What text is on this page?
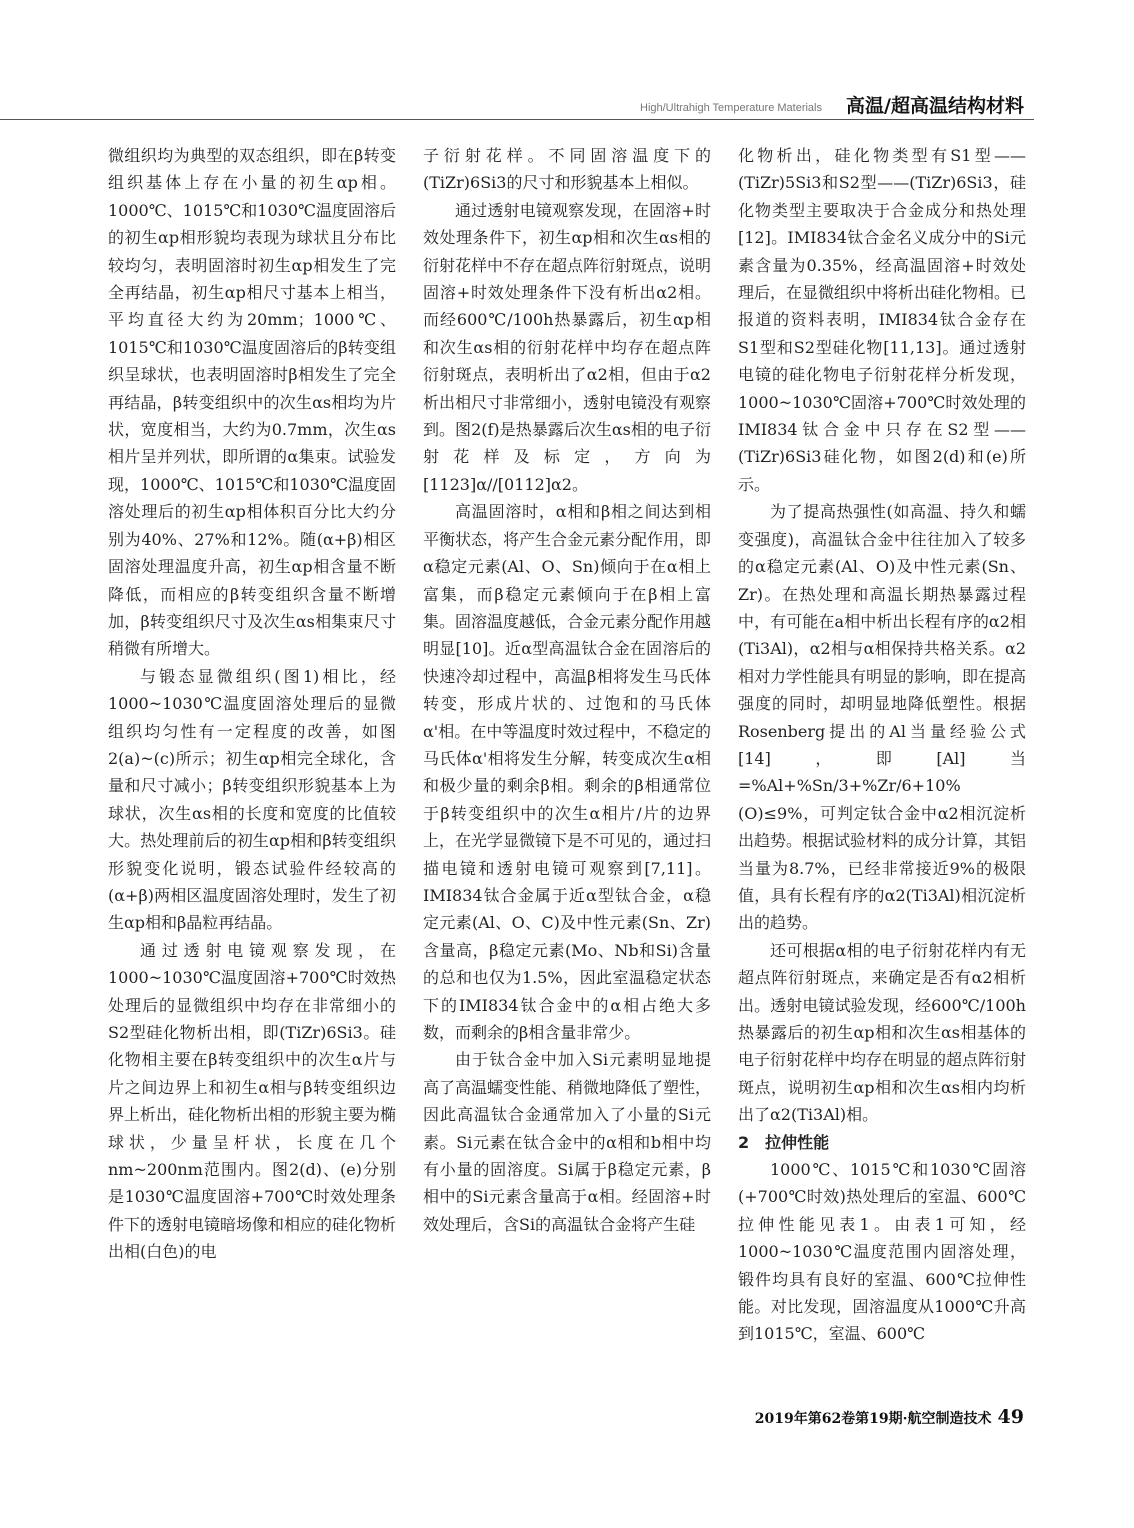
High/Ultrahigh Temperature Materials 高温/超高温结构材料

微组织均为典型的双态组织，即在β转变组织基体上存在小量的初生αp相。1000℃、1015℃和1030℃温度固溶后的初生αp相形貌均表现为球状且分布比较均匀，表明固溶时初生αp相发生了完全再结晶，初生αp相尺寸基本上相当，平均直径大约为20mm；1000℃、1015℃和1030℃温度固溶后的β转变组织呈球状，也表明固溶时β相发生了完全再结晶，β转变组织中的次生αs相均为片状，宽度相当，大约为0.7mm，次生αs相片呈并列状，即所谓的α集束。试验发现，1000℃、1015℃和1030℃温度固溶处理后的初生αp相体积百分比大约分别为40%、27%和12%。随(α+β)相区固溶处理温度升高，初生αp相含量不断降低，而相应的β转变组织含量不断增加，β转变组织尺寸及次生αs相集束尺寸稍微有所增大。

与锻态显微组织(图1)相比，经1000~1030℃温度固溶处理后的显微组织均匀性有一定程度的改善，如图2(a)~(c)所示；初生αp相完全球化，含量和尺寸减小；β转变组织形貌基本上为球状，次生αs相的长度和宽度的比值较大。热处理前后的初生αp相和β转变组织形貌变化说明，锻态试验件经较高的(α+β)两相区温度固溶处理时，发生了初生αp相和β晶粒再结晶。

通过透射电镜观察发现，在1000~1030℃温度固溶+700℃时效热处理后的显微组织中均存在非常细小的S2型硅化物析出相，即(TiZr)6Si3。硅化物相主要在β转变组织中的次生α片与片之间边界上和初生α相与β转变组织边界上析出，硅化物析出相的形貌主要为椭球状，少量呈杆状，长度在几个nm~200nm范围内。图2(d)、(e)分别是1030℃温度固溶+700℃时效处理条件下的透射电镜暗场像和相应的硅化物析出相(白色)的电

子衍射花样。不同固溶温度下的(TiZr)6Si3的尺寸和形貌基本上相似。

通过透射电镜观察发现，在固溶+时效处理条件下，初生αp相和次生αs相的衍射花样中不存在超点阵衍射斑点，说明固溶+时效处理条件下没有析出α2相。而经600℃/100h热暴露后，初生αp相和次生αs相的衍射花样中均存在超点阵衍射斑点，表明析出了α2相，但由于α2析出相尺寸非常细小，透射电镜没有观察到。图2(f)是热暴露后次生αs相的电子衍射花样及标定，方向为[1123]α//[0112]α2。

高温固溶时，α相和β相之间达到相平衡状态，将产生合金元素分配作用，即α稳定元素(Al、O、Sn)倾向于在α相上富集，而β稳定元素倾向于在β相上富集。固溶温度越低，合金元素分配作用越明显[10]。近α型高温钛合金在固溶后的快速冷却过程中，高温β相将发生马氏体转变，形成片状的、过饱和的马氏体α'相。在中等温度时效过程中，不稳定的马氏体α'相将发生分解，转变成次生α相和极少量的剩余β相。剩余的β相通常位于β转变组织中的次生α相片/片的边界上，在光学显微镜下是不可见的，通过扫描电镜和透射电镜可观察到[7,11]。IMI834钛合金属于近α型钛合金，α稳定元素(Al、O、C)及中性元素(Sn、Zr)含量高，β稳定元素(Mo、Nb和Si)含量的总和也仅为1.5%，因此室温稳定状态下的IMI834钛合金中的α相占绝大多数，而剩余的β相含量非常少。

由于钛合金中加入Si元素明显地提高了高温蠕变性能、稍微地降低了塑性，因此高温钛合金通常加入了小量的Si元素。Si元素在钛合金中的α相和b相中均有小量的固溶度。Si属于β稳定元素，β相中的Si元素含量高于α相。经固溶+时效处理后，含Si的高温钛合金将产生硅

化物析出，硅化物类型有S1型——(TiZr)5Si3和S2型——(TiZr)6Si3，硅化物类型主要取决于合金成分和热处理[12]。IMI834钛合金名义成分中的Si元素含量为0.35%，经高温固溶+时效处理后，在显微组织中将析出硅化物相。已报道的资料表明，IMI834钛合金存在S1型和S2型硅化物[11,13]。通过透射电镜的硅化物电子衍射花样分析发现，1000~1030℃固溶+700℃时效处理的IMI834钛合金中只存在S2型——(TiZr)6Si3硅化物，如图2(d)和(e)所示。

为了提高热强性(如高温、持久和蠕变强度)，高温钛合金中往往加入了较多的α稳定元素(Al、O)及中性元素(Sn、Zr)。在热处理和高温长期热暴露过程中，有可能在a相中析出长程有序的α2相(Ti3Al)，α2相与α相保持共格关系。α2相对力学性能具有明显的影响，即在提高强度的同时，却明显地降低塑性。根据Rosenberg提出的Al当量经验公式[14]，即[Al]当=%Al+%Sn/3+%Zr/6+10%(O)≤9%，可判定钛合金中α2相沉淀析出趋势。根据试验材料的成分计算，其铝当量为8.7%，已经非常接近9%的极限值，具有长程有序的α2(Ti3Al)相沉淀析出的趋势。

还可根据α相的电子衍射花样内有无超点阵衍射斑点，来确定是否有α2相析出。透射电镜试验发现，经600℃/100h热暴露后的初生αp相和次生αs相基体的电子衍射花样中均存在明显的超点阵衍射斑点，说明初生αp相和次生αs相内均析出了α2(Ti3Al)相。

2　拉伸性能

1000℃、1015℃和1030℃固溶(+700℃时效)热处理后的室温、600℃拉伸性能见表1。由表1可知，经1000~1030℃温度范围内固溶处理，锻件均具有良好的室温、600℃拉伸性能。对比发现，固溶温度从1000℃升高到1015℃，室温、600℃

2019年第62卷第19期·航空制造技术 49
